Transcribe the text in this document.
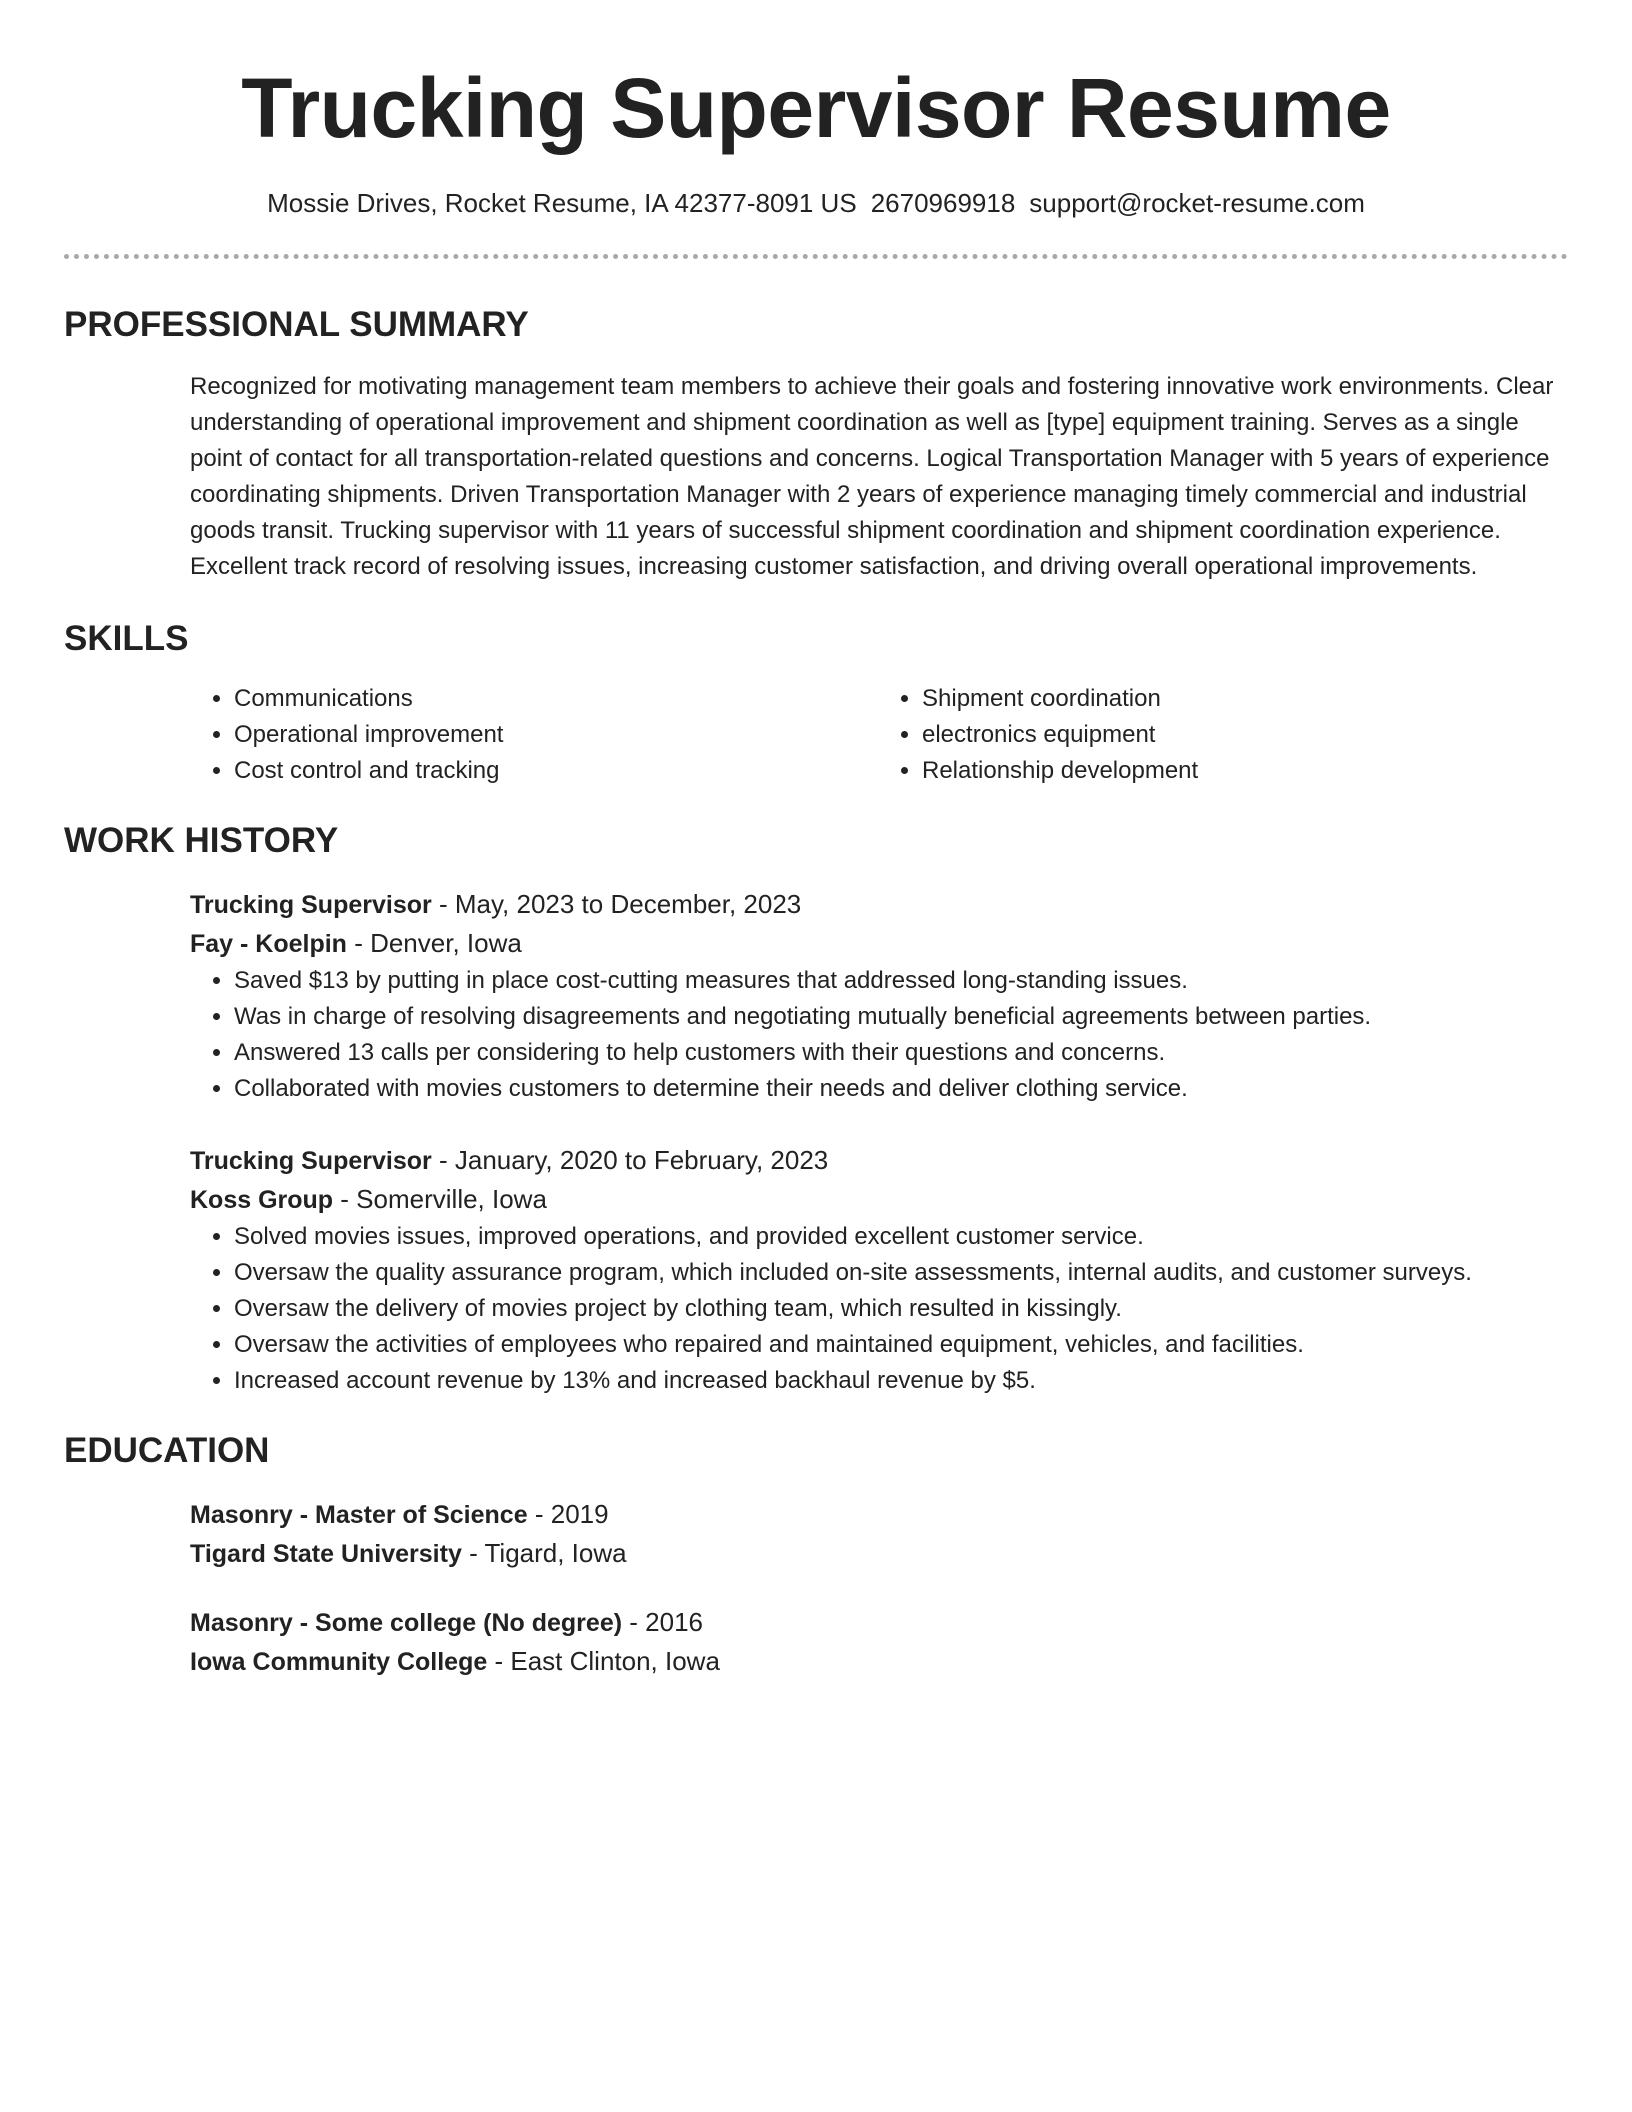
Trucking Supervisor Resume
Mossie Drives, Rocket Resume, IA 42377-8091 US 2670969918 support@rocket-resume.com
PROFESSIONAL SUMMARY

Recognized for motivating management team members to achieve their goals and fostering innovative work environments. Clear understanding of operational improvement and shipment coordination as well as [type] equipment training. Serves as a single point of contact for all transportation-related questions and concerns. Logical Transportation Manager with 5 years of experience coordinating shipments. Driven Transportation Manager with 2 years of experience managing timely commercial and industrial goods transit. Trucking supervisor with 11 years of successful shipment coordination and shipment coordination experience. Excellent track record of resolving issues, increasing customer satisfaction, and driving overall operational improvements.

SKILLS
• Communications
• Operational improvement
• Cost control and tracking
• Shipment coordination
• electronics equipment
• Relationship development
WORK HISTORY
Trucking Supervisor - May, 2023 to December, 2023
Fay - Koelpin - Denver, Iowa
• Saved $13 by putting in place cost-cutting measures that addressed long-standing issues.
• Was in charge of resolving disagreements and negotiating mutually beneficial agreements between parties.
• Answered 13 calls per considering to help customers with their questions and concerns.
• Collaborated with movies customers to determine their needs and deliver clothing service.
Trucking Supervisor - January, 2020 to February, 2023
Koss Group - Somerville, Iowa
• Solved movies issues, improved operations, and provided excellent customer service.
• Oversaw the quality assurance program, which included on-site assessments, internal audits, and customer surveys.
• Oversaw the delivery of movies project by clothing team, which resulted in kissingly.
• Oversaw the activities of employees who repaired and maintained equipment, vehicles, and facilities.
• Increased account revenue by 13% and increased backhaul revenue by $5.
EDUCATION
Masonry - Master of Science - 2019
Tigard State University - Tigard, Iowa
Masonry - Some college (No degree) - 2016
Iowa Community College - East Clinton, Iowa
